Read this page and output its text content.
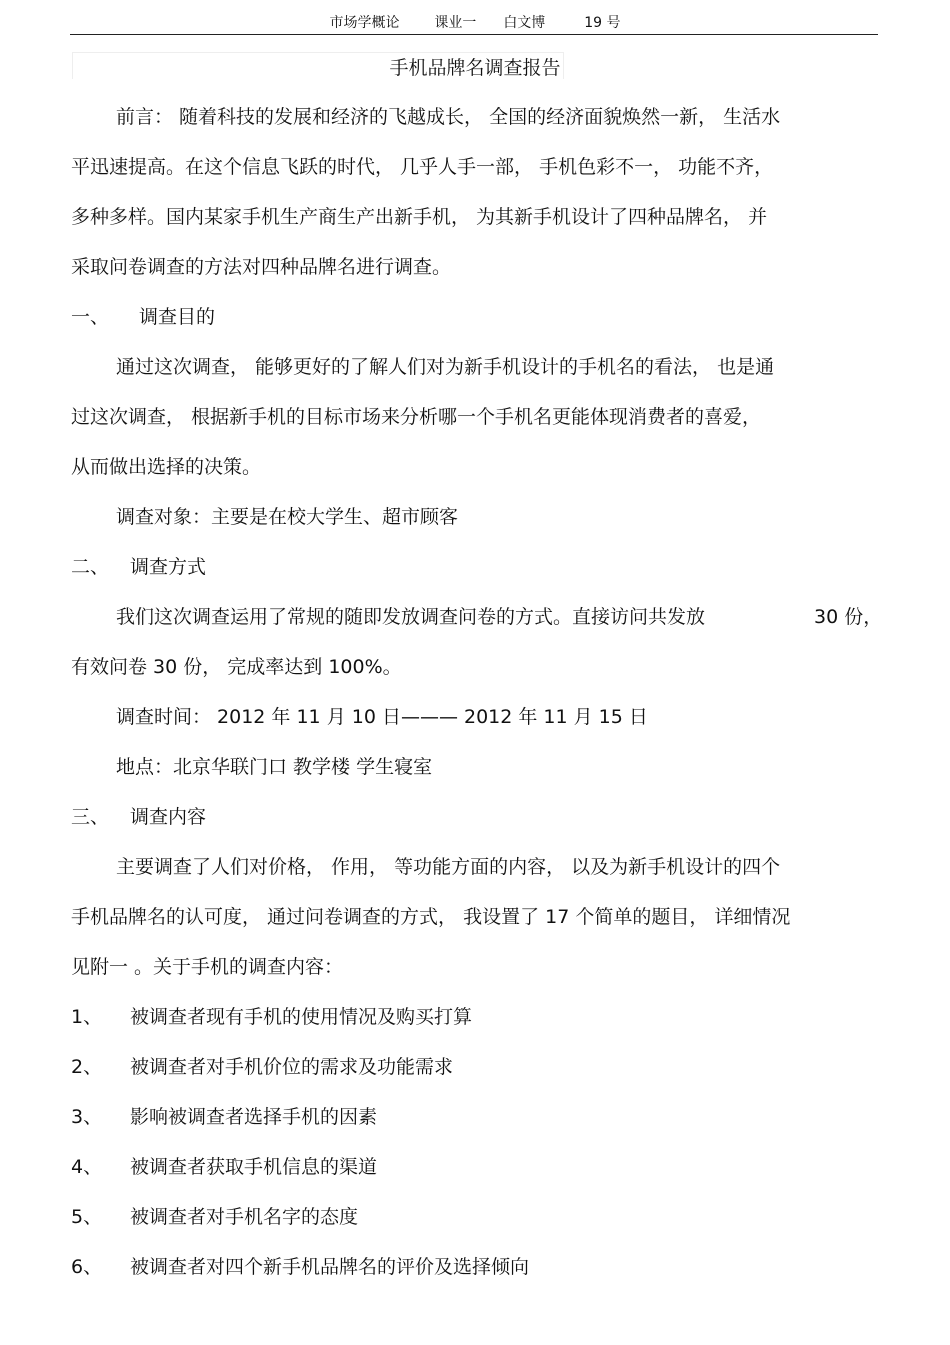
市场学概论 课业一 白文博	19 号
手机品牌名调查报告
前言： 随着科技的发展和经济的飞越成长， 全国的经济面貌焕然一新， 生活水
平迅速提高。在这个信息飞跃的时代， 几乎人手一部， 手机色彩不一， 功能不齐，
多种多样。国内某家手机生产商生产出新手机， 为其新手机设计了四种品牌名， 并
采取问卷调查的方法对四种品牌名进行调查。
一、 调查目的
通过这次调查， 能够更好的了解人们对为新手机设计的手机名的看法， 也是通
过这次调查， 根据新手机的目标市场来分析哪一个手机名更能体现消费者的喜爱，
从而做出选择的决策。
调查对象：主要是在校大学生、超市顾客
二、 调查方式
我们这次调查运用了常规的随即发放调查问卷的方式。直接访问共发放	30 份，
有效问卷 30 份， 完成率达到 100%。
调查时间： 2012 年 11 月 10 日——— 2012 年 11 月 15 日
地点：北京华联门口 教学楼 学生寝室
三、 调查内容
主要调查了人们对价格， 作用， 等功能方面的内容， 以及为新手机设计的四个
手机品牌名的认可度， 通过问卷调查的方式， 我设置了 17 个简单的题目， 详细情况
见附一 。关于手机的调查内容：
1、 被调查者现有手机的使用情况及购买打算
2、 被调查者对手机价位的需求及功能需求
3、 影响被调查者选择手机的因素
4、 被调查者获取手机信息的渠道
5、 被调查者对手机名字的态度
6、 被调查者对四个新手机品牌名的评价及选择倾向
